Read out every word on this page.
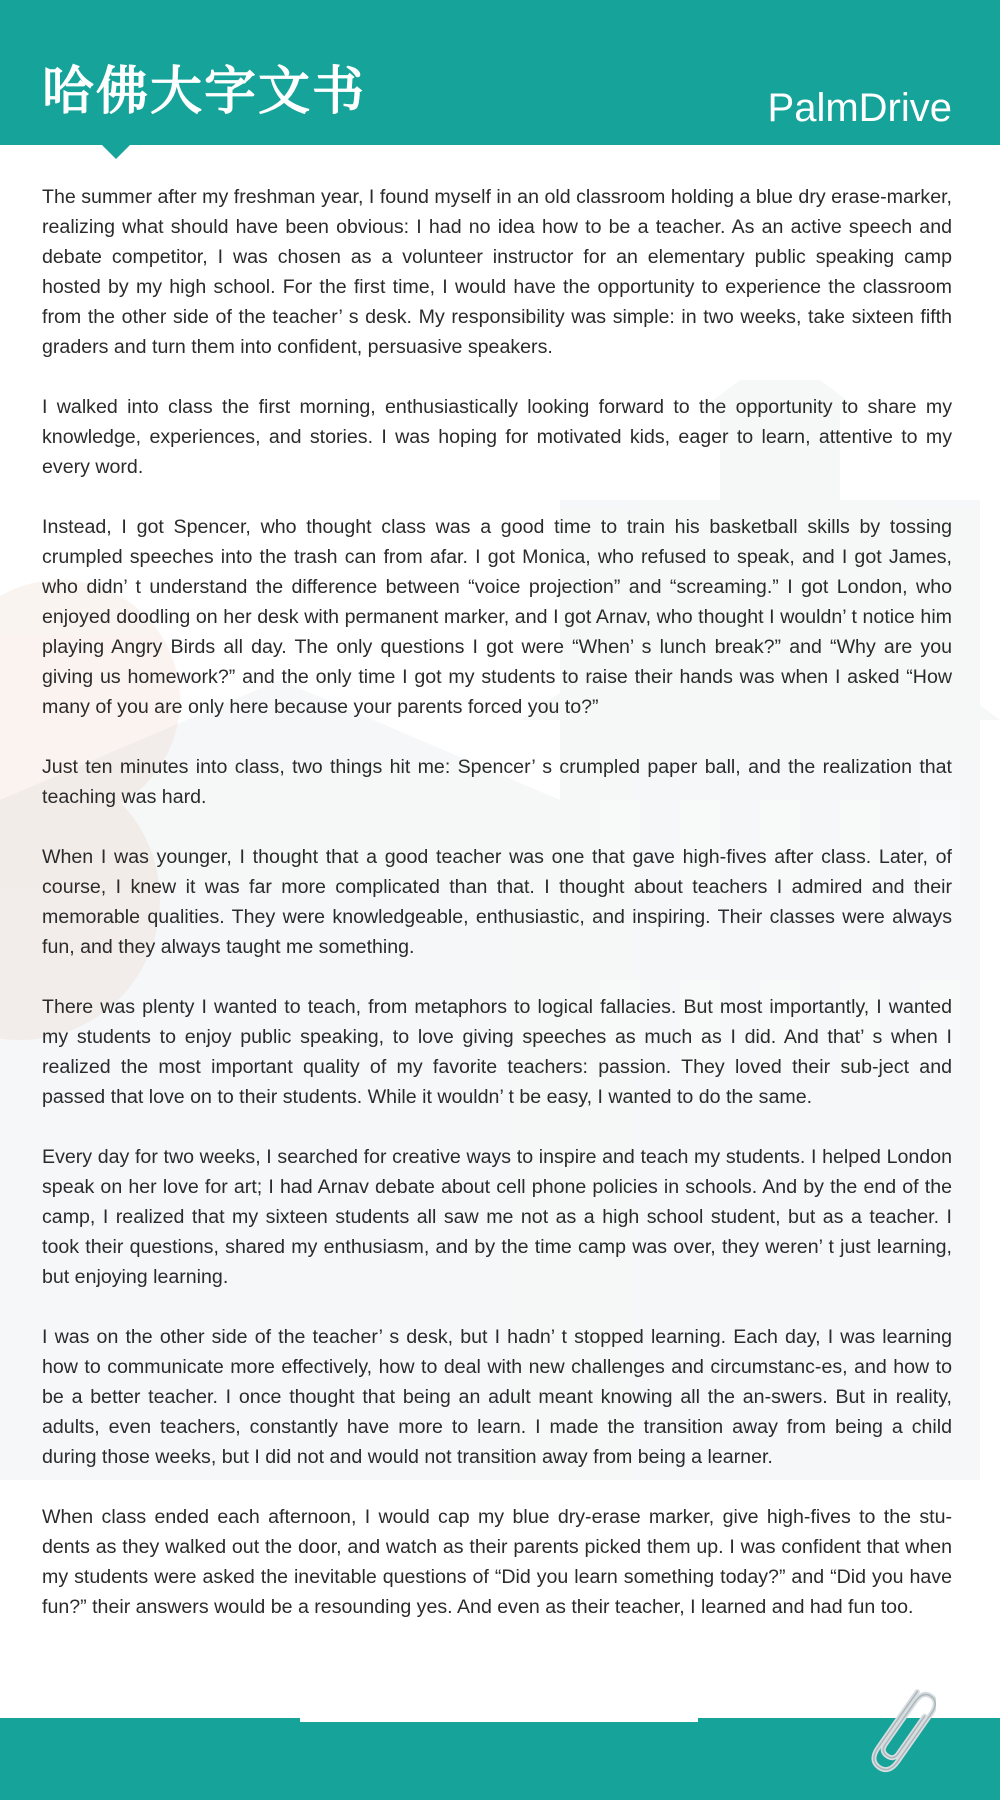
哈佛大字文书	PalmDrive

The summer after my freshman year, I found myself in an old classroom holding a blue dry erase-marker, realizing what should have been obvious: I had no idea how to be a teacher. As an active speech and debate competitor, I was chosen as a volunteer instructor for an elementary public speaking camp hosted by my high school. For the first time, I would have the opportunity to experience the classroom from the other side of the teacher’ s desk. My responsibility was simple: in two weeks, take sixteen fifth graders and turn them into confident, persuasive speakers.

I walked into class the first morning, enthusiastically looking forward to the opportunity to share my knowledge, experiences, and stories. I was hoping for motivated kids, eager to learn, attentive to my every word.

Instead, I got Spencer, who thought class was a good time to train his basketball skills by tossing crumpled speeches into the trash can from afar. I got Monica, who refused to speak, and I got James, who didn’ t understand the difference between “voice projection” and “screaming.” I got London, who enjoyed doodling on her desk with permanent marker, and I got Arnav, who thought I wouldn’ t notice him playing Angry Birds all day. The only questions I got were “When’ s lunch break?” and “Why are you giving us homework?” and the only time I got my students to raise their hands was when I asked “How many of you are only here because your parents forced you to?”

Just ten minutes into class, two things hit me: Spencer’ s crumpled paper ball, and the realization that teaching was hard.

When I was younger, I thought that a good teacher was one that gave high-fives after class. Later, of course, I knew it was far more complicated than that. I thought about teachers I admired and their memorable qualities. They were knowledgeable, enthusiastic, and inspiring. Their classes were always fun, and they always taught me something.

There was plenty I wanted to teach, from metaphors to logical fallacies. But most importantly, I wanted my students to enjoy public speaking, to love giving speeches as much as I did. And that’ s when I realized the most important quality of my favorite teachers: passion. They loved their sub-ject and passed that love on to their students. While it wouldn’ t be easy, I wanted to do the same.

Every day for two weeks, I searched for creative ways to inspire and teach my students. I helped London speak on her love for art; I had Arnav debate about cell phone policies in schools. And by the end of the camp, I realized that my sixteen students all saw me not as a high school student, but as a teacher. I took their questions, shared my enthusiasm, and by the time camp was over, they weren’ t just learning, but enjoying learning.

I was on the other side of the teacher’ s desk, but I hadn’ t stopped learning. Each day, I was learning how to communicate more effectively, how to deal with new challenges and circumstanc-es, and how to be a better teacher. I once thought that being an adult meant knowing all the an-swers. But in reality, adults, even teachers, constantly have more to learn. I made the transition away from being a child during those weeks, but I did not and would not transition away from being a learner.

When class ended each afternoon, I would cap my blue dry-erase marker, give high-fives to the stu-dents as they walked out the door, and watch as their parents picked them up. I was confident that when my students were asked the inevitable questions of “Did you learn something today?” and “Did you have fun?” their answers would be a resounding yes. And even as their teacher, I learned and had fun too.
